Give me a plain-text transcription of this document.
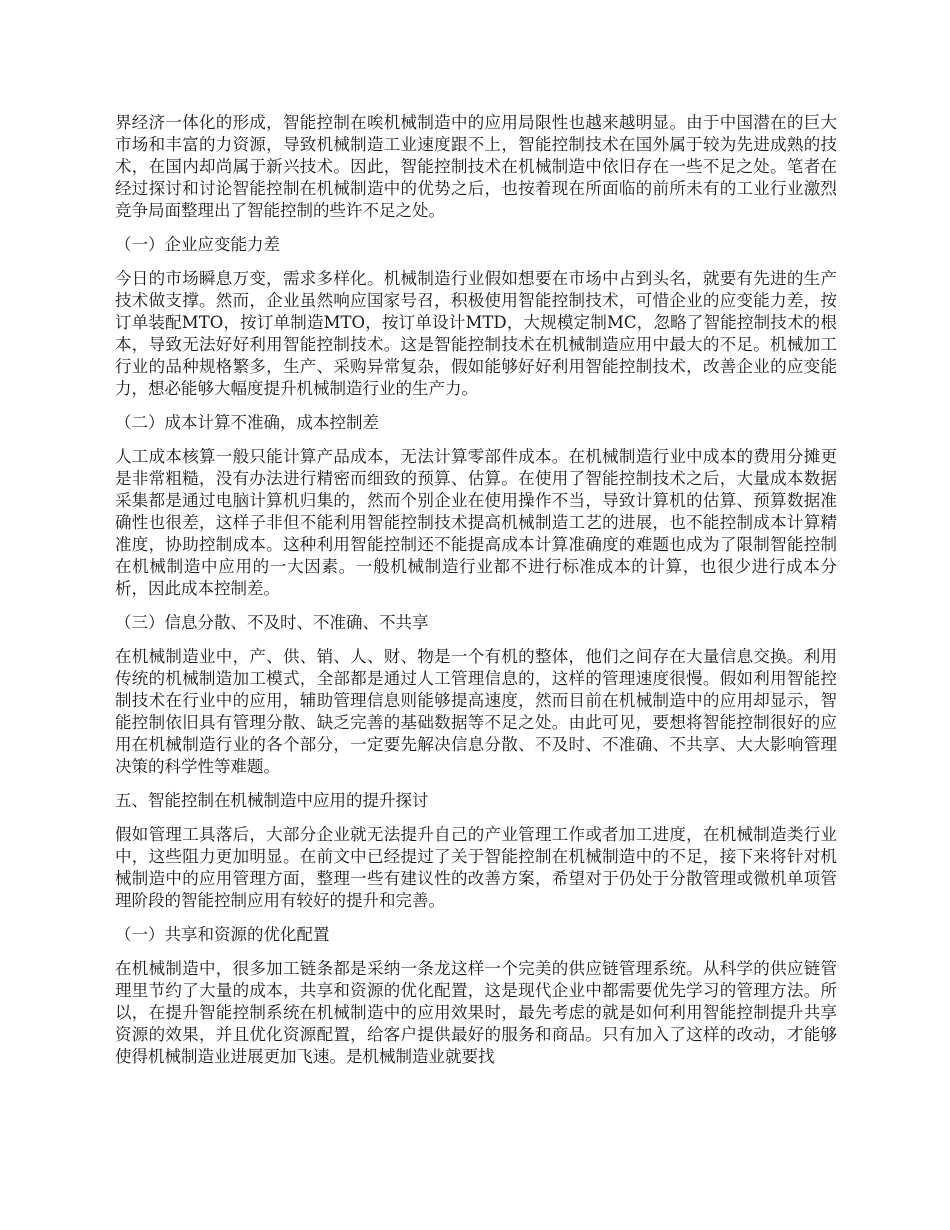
界经济一体化的形成，智能控制在唉机械制造中的应用局限性也越来越明显。由于中国潜在的巨大市场和丰富的力资源，导致机械制造工业速度跟不上，智能控制技术在国外属于较为先进成熟的技术，在国内却尚属于新兴技术。因此，智能控制技术在机械制造中依旧存在一些不足之处。笔者在经过探讨和讨论智能控制在机械制造中的优势之后，也按着现在所面临的前所未有的工业行业激烈竞争局面整理出了智能控制的些许不足之处。

（一）企业应变能力差

今日的市场瞬息万变，需求多样化。机械制造行业假如想要在市场中占到头名，就要有先进的生产技术做支撑。然而，企业虽然响应国家号召，积极使用智能控制技术，可惜企业的应变能力差，按订单装配MTO，按订单制造MTO，按订单设计MTD，大规模定制MC，忽略了智能控制技术的根本，导致无法好好利用智能控制技术。这是智能控制技术在机械制造应用中最大的不足。机械加工行业的品种规格繁多，生产、采购异常复杂，假如能够好好利用智能控制技术，改善企业的应变能力，想必能够大幅度提升机械制造行业的生产力。

（二）成本计算不准确，成本控制差

人工成本核算一般只能计算产品成本，无法计算零部件成本。在机械制造行业中成本的费用分摊更是非常粗糙，没有办法进行精密而细致的预算、估算。在使用了智能控制技术之后，大量成本数据采集都是通过电脑计算机归集的，然而个别企业在使用操作不当，导致计算机的估算、预算数据准确性也很差，这样子非但不能利用智能控制技术提高机械制造工艺的进展，也不能控制成本计算精准度，协助控制成本。这种利用智能控制还不能提高成本计算准确度的难题也成为了限制智能控制在机械制造中应用的一大因素。一般机械制造行业都不进行标准成本的计算，也很少进行成本分析，因此成本控制差。

（三）信息分散、不及时、不准确、不共享

在机械制造业中，产、供、销、人、财、物是一个有机的整体，他们之间存在大量信息交换。利用传统的机械制造加工模式，全部都是通过人工管理信息的，这样的管理速度很慢。假如利用智能控制技术在行业中的应用，辅助管理信息则能够提高速度，然而目前在机械制造中的应用却显示，智能控制依旧具有管理分散、缺乏完善的基础数据等不足之处。由此可见，要想将智能控制很好的应用在机械制造行业的各个部分，一定要先解决信息分散、不及时、不准确、不共享、大大影响管理决策的科学性等难题。

五、智能控制在机械制造中应用的提升探讨

假如管理工具落后，大部分企业就无法提升自己的产业管理工作或者加工进度，在机械制造类行业中，这些阻力更加明显。在前文中已经提过了关于智能控制在机械制造中的不足，接下来将针对机械制造中的应用管理方面，整理一些有建议性的改善方案，希望对于仍处于分散管理或微机单项管理阶段的智能控制应用有较好的提升和完善。

（一）共享和资源的优化配置

在机械制造中，很多加工链条都是采纳一条龙这样一个完美的供应链管理系统。从科学的供应链管理里节约了大量的成本，共享和资源的优化配置，这是现代企业中都需要优先学习的管理方法。所以，在提升智能控制系统在机械制造中的应用效果时，最先考虑的就是如何利用智能控制提升共享资源的效果，并且优化资源配置，给客户提供最好的服务和商品。只有加入了这样的改动，才能够使得机械制造业进展更加飞速。是机械制造业就要找
